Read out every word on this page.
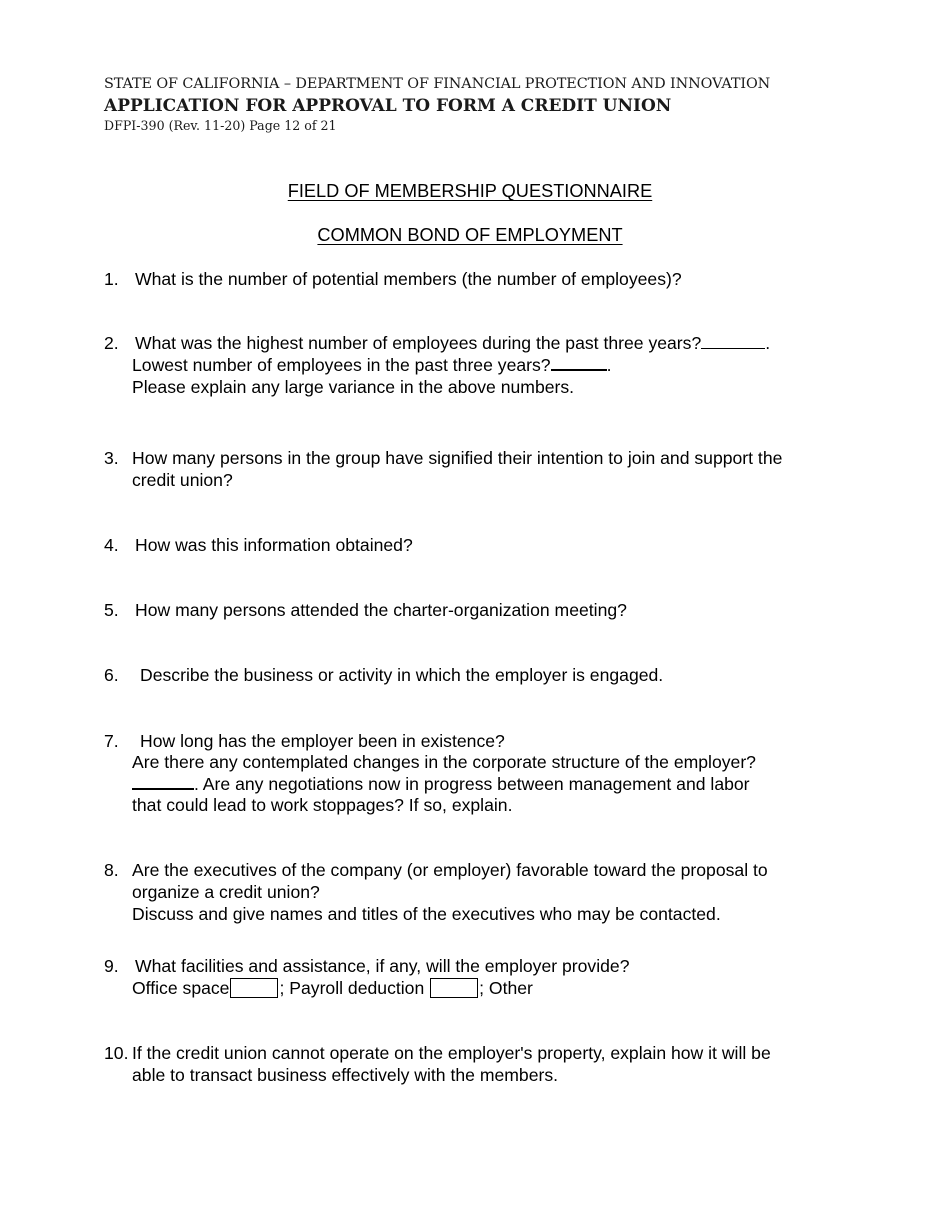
STATE OF CALIFORNIA – DEPARTMENT OF FINANCIAL PROTECTION AND INNOVATION
APPLICATION FOR APPROVAL TO FORM A CREDIT UNION
DFPI-390 (Rev. 11-20) Page 12 of 21
FIELD OF MEMBERSHIP QUESTIONNAIRE
COMMON BOND OF EMPLOYMENT
1. What is the number of potential members (the number of employees)?
2. What was the highest number of employees during the past three years?	.
Lowest number of employees in the past three years?	.
Please explain any large variance in the above numbers.
3. How many persons in the group have signified their intention to join and support the
credit union?
4. How was this information obtained?
5. How many persons attended the charter-organization meeting?
6. Describe the business or activity in which the employer is engaged.
7. How long has the employer been in existence?
Are there any contemplated changes in the corporate structure of the employer?
. Are any negotiations now in progress between management and labor
that could lead to work stoppages? If so, explain.
8. Are the executives of the company (or employer) favorable toward the proposal to
organize a credit union?
Discuss and give names and titles of the executives who may be contacted.
9. What facilities and assistance, if any, will the employer provide?
Office space	; Payroll deduction	; Other
10. If the credit union cannot operate on the employer's property, explain how it will be
able to transact business effectively with the members.
